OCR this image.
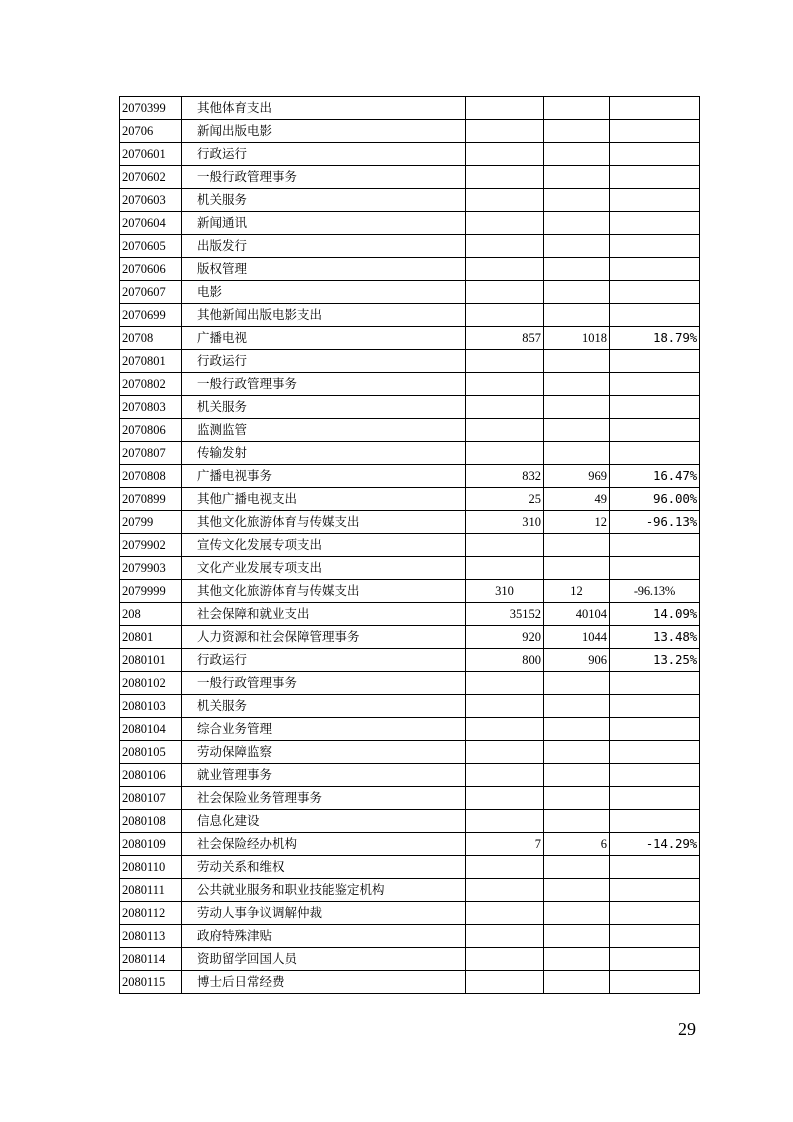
2070399	其他体育支出			
20706	新闻出版电影			
2070601	行政运行			
2070602	一般行政管理事务			
2070603	机关服务			
2070604	新闻通讯			
2070605	出版发行			
2070606	版权管理			
2070607	电影			
2070699	其他新闻出版电影支出			
20708	广播电视	857	1018	18.79%
2070801	行政运行			
2070802	一般行政管理事务			
2070803	机关服务			
2070806	监测监管			
2070807	传输发射			
2070808	广播电视事务	832	969	16.47%
2070899	其他广播电视支出	25	49	96.00%
20799	其他文化旅游体育与传媒支出	310	12	-96.13%
2079902	宣传文化发展专项支出			
2079903	文化产业发展专项支出			
2079999	其他文化旅游体育与传媒支出	310	12	-96.13%
208	社会保障和就业支出	35152	40104	14.09%
20801	人力资源和社会保障管理事务	920	1044	13.48%
2080101	行政运行	800	906	13.25%
2080102	一般行政管理事务			
2080103	机关服务			
2080104	综合业务管理			
2080105	劳动保障监察			
2080106	就业管理事务			
2080107	社会保险业务管理事务			
2080108	信息化建设			
2080109	社会保险经办机构	7	6	-14.29%
2080110	劳动关系和维权			
2080111	公共就业服务和职业技能鉴定机构			
2080112	劳动人事争议调解仲裁			
2080113	政府特殊津贴			
2080114	资助留学回国人员			
2080115	博士后日常经费			
29
